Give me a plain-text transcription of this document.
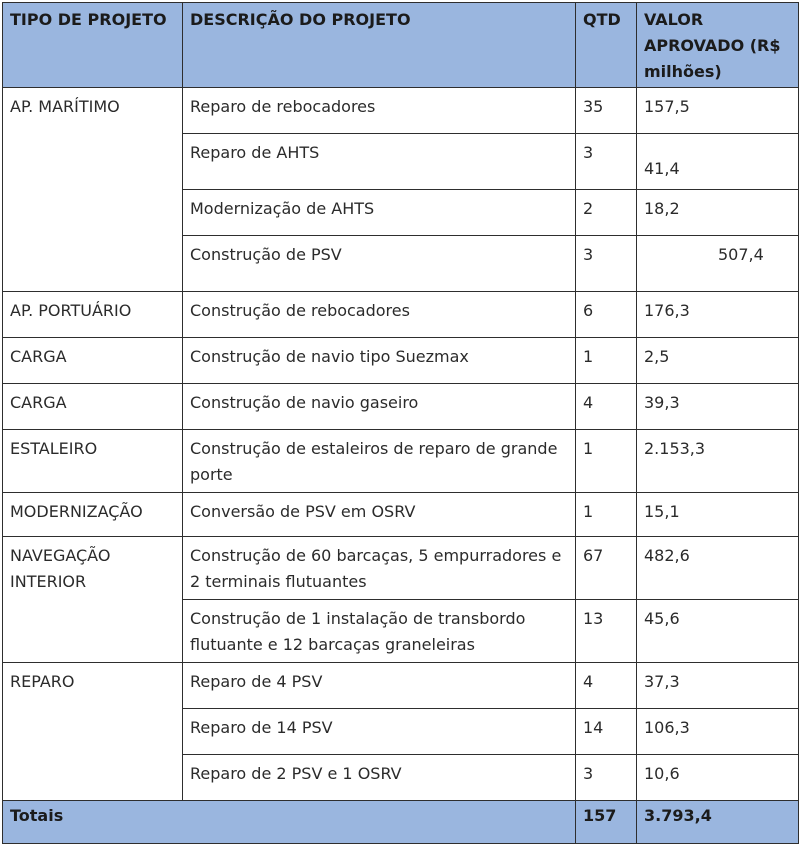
TIPO DE PROJETO	DESCRIÇÃO DO PROJETO	QTD	VALOR
APROVADO (R$
milhões)
AP. MARÍTIMO	Reparo de rebocadores	35	157,5
	Reparo de AHTS	3	41,4
	Modernização de AHTS	2	18,2
	Construção de PSV	3	507,4
AP. PORTUÁRIO	Construção de rebocadores	6	176,3
CARGA	Construção de navio tipo Suezmax	1	2,5
CARGA	Construção de navio gaseiro	4	39,3
ESTALEIRO	Construção de estaleiros de reparo de grande porte	1	2.153,3
MODERNIZAÇÃO	Conversão de PSV em OSRV	1	15,1
NAVEGAÇÃO INTERIOR	Construção de 60 barcaças, 5 empurradores e 2 terminais flutuantes	67	482,6
	Construção de 1 instalação de transbordo flutuante e 12 barcaças graneleiras	13	45,6
REPARO	Reparo de 4 PSV	4	37,3
	Reparo de 14 PSV	14	106,3
	Reparo de 2 PSV e 1 OSRV	3	10,6
Totais		157	3.793,4
